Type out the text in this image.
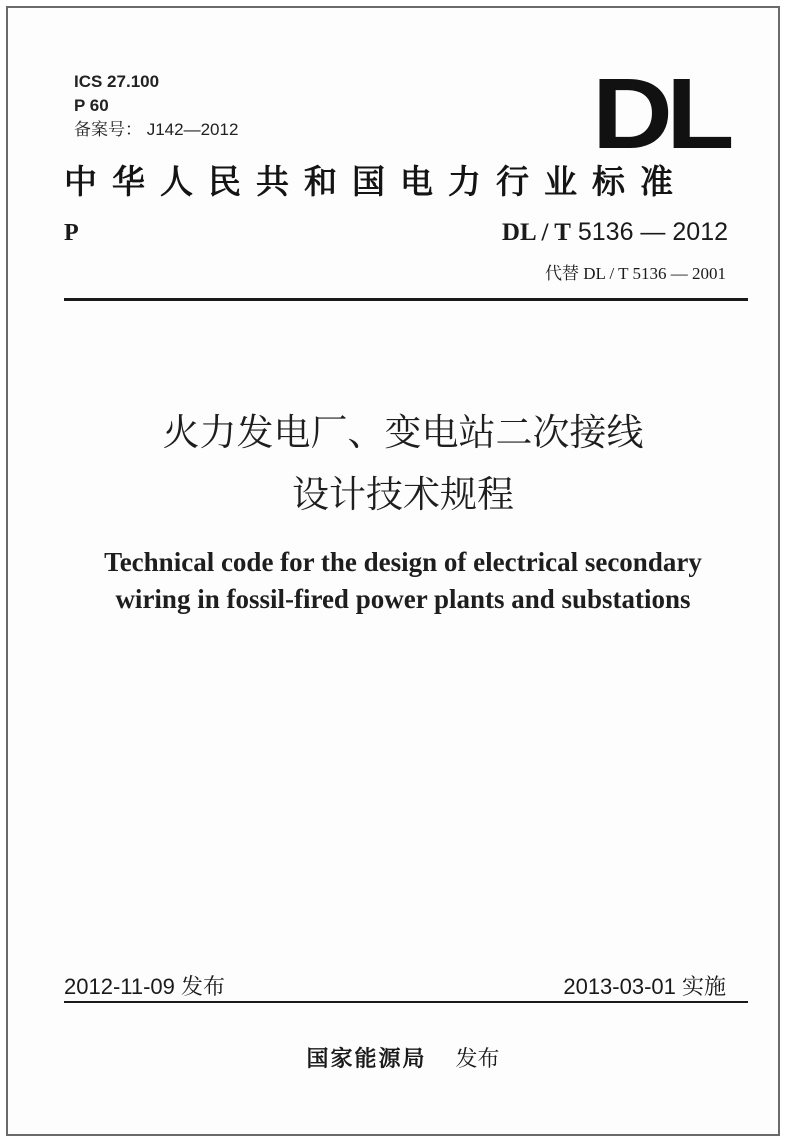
ICS 27.100
P 60
备案号： J142—2012	DL
中华人民共和国电力行业标准
P	DL / T 5136 — 2012
代替 DL / T 5136 — 2001
火力发电厂、变电站二次接线
设计技术规程
Technical code for the design of electrical secondary
wiring in fossil-fired power plants and substations
2012-11-09 发布	2013-03-01 实施
国家能源局 发布
